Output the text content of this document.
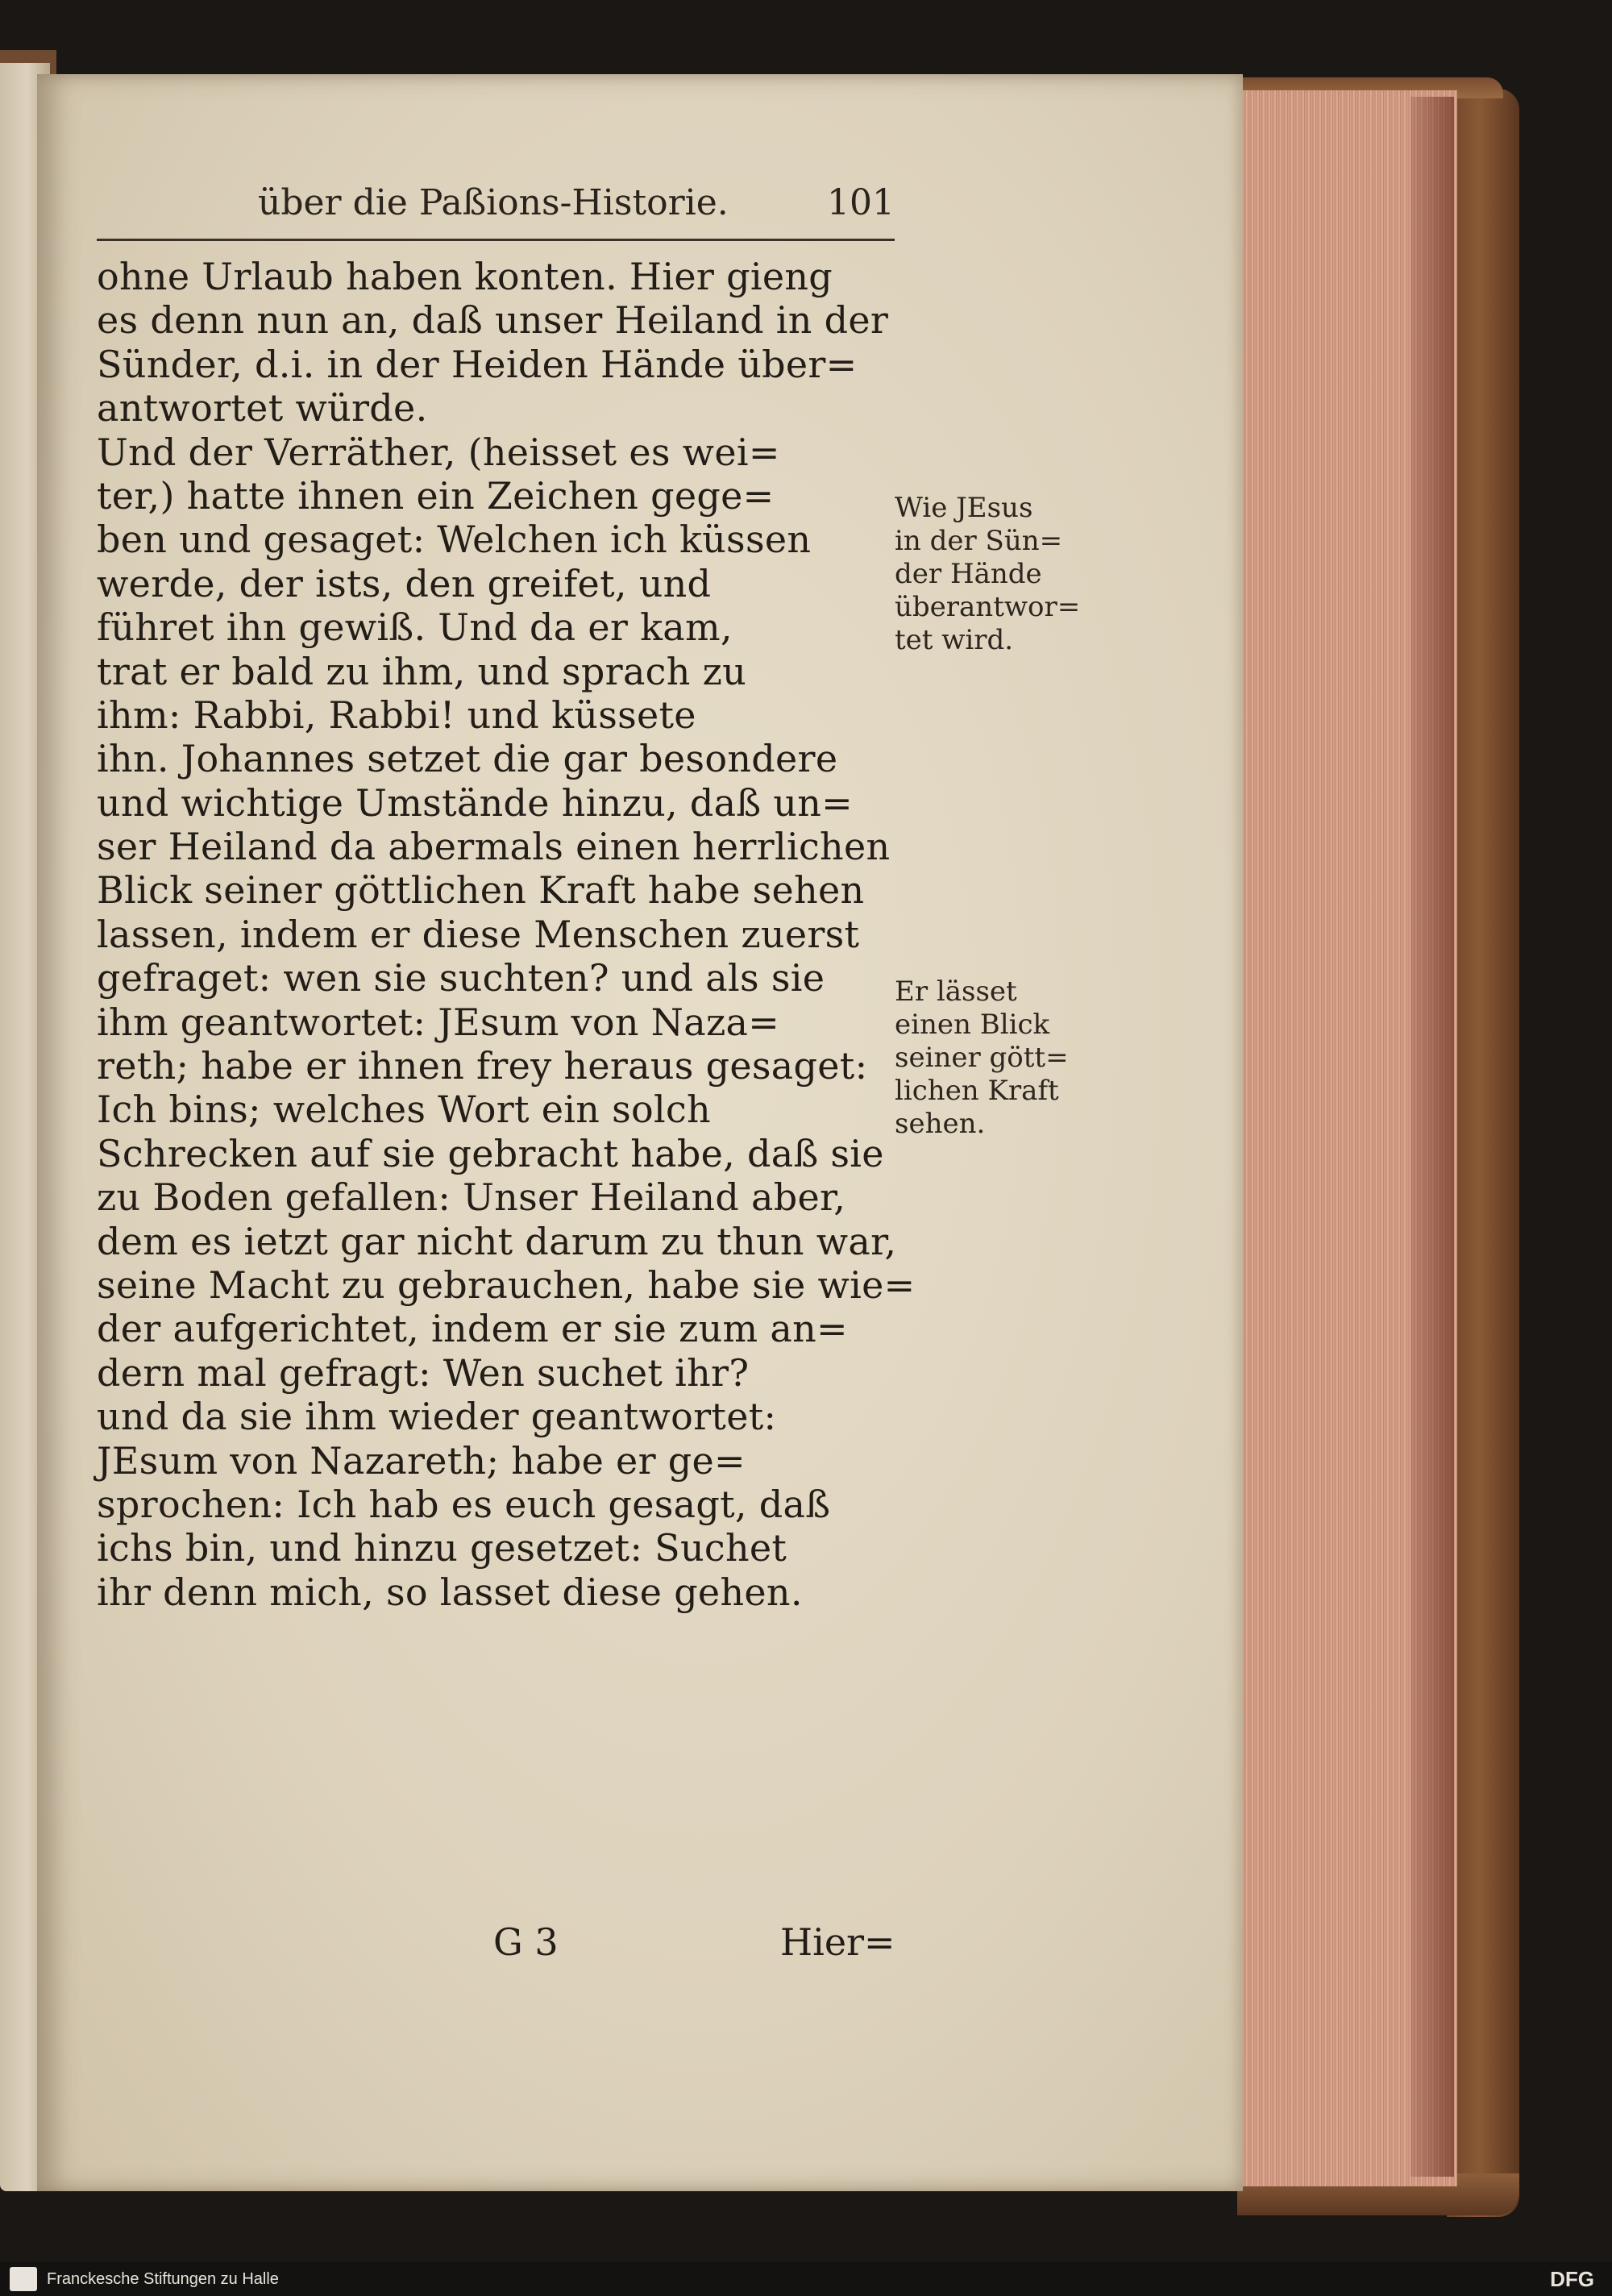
über die Paßions-Historie.	101
ohne Urlaub haben konten. Hier gieng
es denn nun an, daß unser Heiland in der
Sünder, d.i. in der Heiden Hände über=
antwortet würde.
Und der Verräther, (heisset es wei=
ter,) hatte ihnen ein Zeichen gege=
ben und gesaget: Welchen ich küssen
werde, der ists, den greifet, und
führet ihn gewiß. Und da er kam,
trat er bald zu ihm, und sprach zu
ihm: Rabbi, Rabbi! und küssete
ihn. Johannes setzet die gar besondere
und wichtige Umstände hinzu, daß un=
ser Heiland da abermals einen herrlichen
Blick seiner göttlichen Kraft habe sehen
lassen, indem er diese Menschen zuerst
gefraget: wen sie suchten? und als sie
ihm geantwortet: JEsum von Naza=
reth; habe er ihnen frey heraus gesaget:
Ich bins; welches Wort ein solch
Schrecken auf sie gebracht habe, daß sie
zu Boden gefallen: Unser Heiland aber,
dem es ietzt gar nicht darum zu thun war,
seine Macht zu gebrauchen, habe sie wie=
der aufgerichtet, indem er sie zum an=
dern mal gefragt: Wen suchet ihr?
und da sie ihm wieder geantwortet:
JEsum von Nazareth; habe er ge=
sprochen: Ich hab es euch gesagt, daß
ichs bin, und hinzu gesetzet: Suchet
ihr denn mich, so lasset diese gehen.
Wie JEsus
in der Sün=
der Hände
überantwor=
tet wird.
Er lässet
einen Blick
seiner gött=
lichen Kraft
sehen.
G 3	Hier=
Franckesche Stiftungen zu Halle	DFG
